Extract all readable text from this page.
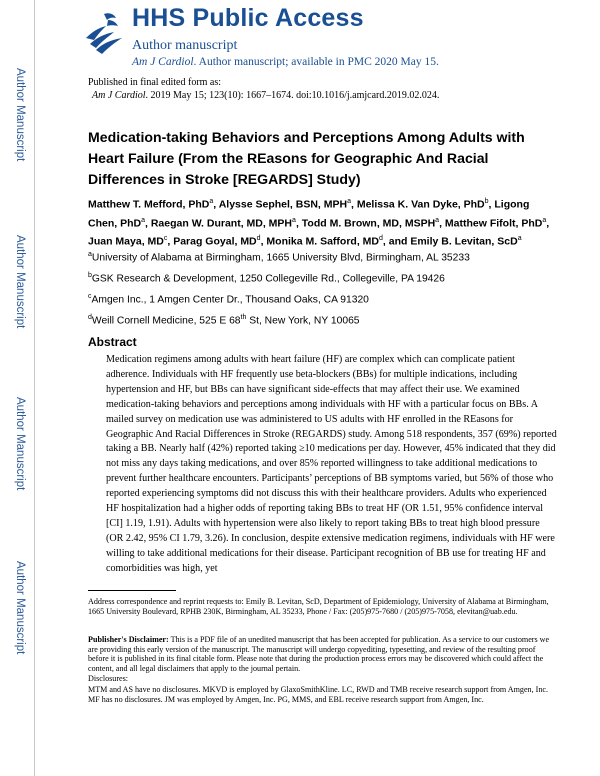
Author Manuscript
Author Manuscript
Author Manuscript
Author Manuscript
HHS Public Access
Author manuscript
Am J Cardiol. Author manuscript; available in PMC 2020 May 15.
Published in final edited form as:
Am J Cardiol. 2019 May 15; 123(10): 1667–1674. doi:10.1016/j.amjcard.2019.02.024.
Medication-taking Behaviors and Perceptions Among Adults with Heart Failure (From the REasons for Geographic And Racial Differences in Stroke [REGARDS] Study)
Matthew T. Mefford, PhD$^a$, Alysse Sephel, BSN, MPH$^a$, Melissa K. Van Dyke, PhD$^b$, Ligong Chen, PhD$^a$, Raegan W. Durant, MD, MPH$^a$, Todd M. Brown, MD, MSPH$^a$, Matthew Fifolt, PhD$^a$, Juan Maya, $MD^c$, Parag Goyal, $MD^d$, Monika M. Safford, $MD^d$, and Emily B. Levitan, ScD$^a$
$^a$University of Alabama at Birmingham, 1665 University Blvd, Birmingham, AL 35233
$^b$GSK Research & Development, 1250 Collegeville Rd., Collegeville, PA 19426
$^c$Amgen Inc., 1 Amgen Center Dr., Thousand Oaks, CA 91320
$^d$Weill Cornell Medicine, 525 E 68th St, New York, NY 10065
Abstract
Medication regimens among adults with heart failure (HF) are complex which can complicate patient adherence. Individuals with HF frequently use beta-blockers (BBs) for multiple indications, including hypertension and HF, but BBs can have significant side-effects that may affect their use. We examined medication-taking behaviors and perceptions among individuals with HF with a particular focus on BBs. A mailed survey on medication use was administered to US adults with HF enrolled in the REasons for Geographic And Racial Differences in Stroke (REGARDS) study. Among 518 respondents, 357 (69%) reported taking a BB. Nearly half (42%) reported taking ≥10 medications per day. However, 45% indicated that they did not miss any days taking medications, and over 85% reported willingness to take additional medications to prevent further healthcare encounters. Participants’ perceptions of BB symptoms varied, but 56% of those who reported experiencing symptoms did not discuss this with their healthcare providers. Adults who experienced HF hospitalization had a higher odds of reporting taking BBs to treat HF (OR 1.51, 95% confidence interval [CI] 1.19, 1.91). Adults with hypertension were also likely to report taking BBs to treat high blood pressure (OR 2.42, 95% CI 1.79, 3.26). In conclusion, despite extensive medication regimens, individuals with HF were willing to take additional medications for their disease. Participant recognition of BB use for treating HF and comorbidities was high, yet
Address correspondence and reprint requests to: Emily B. Levitan, ScD, Department of Epidemiology, University of Alabama at Birmingham, 1665 University Boulevard, RPHB 230K, Birmingham, AL 35233, Phone / Fax: (205)975-7680 / (205)975-7058, elevitan@uab.edu.
Publisher's Disclaimer: This is a PDF file of an unedited manuscript that has been accepted for publication. As a service to our customers we are providing this early version of the manuscript. The manuscript will undergo copyediting, typesetting, and review of the resulting proof before it is published in its final citable form. Please note that during the production process errors may be discovered which could affect the content, and all legal disclaimers that apply to the journal pertain.
Disclosures:
MTM and AS have no disclosures. MKVD is employed by GlaxoSmithKline. LC, RWD and TMB receive research support from Amgen, Inc. MF has no disclosures. JM was employed by Amgen, Inc. PG, MMS, and EBL receive research support from Amgen, Inc.
